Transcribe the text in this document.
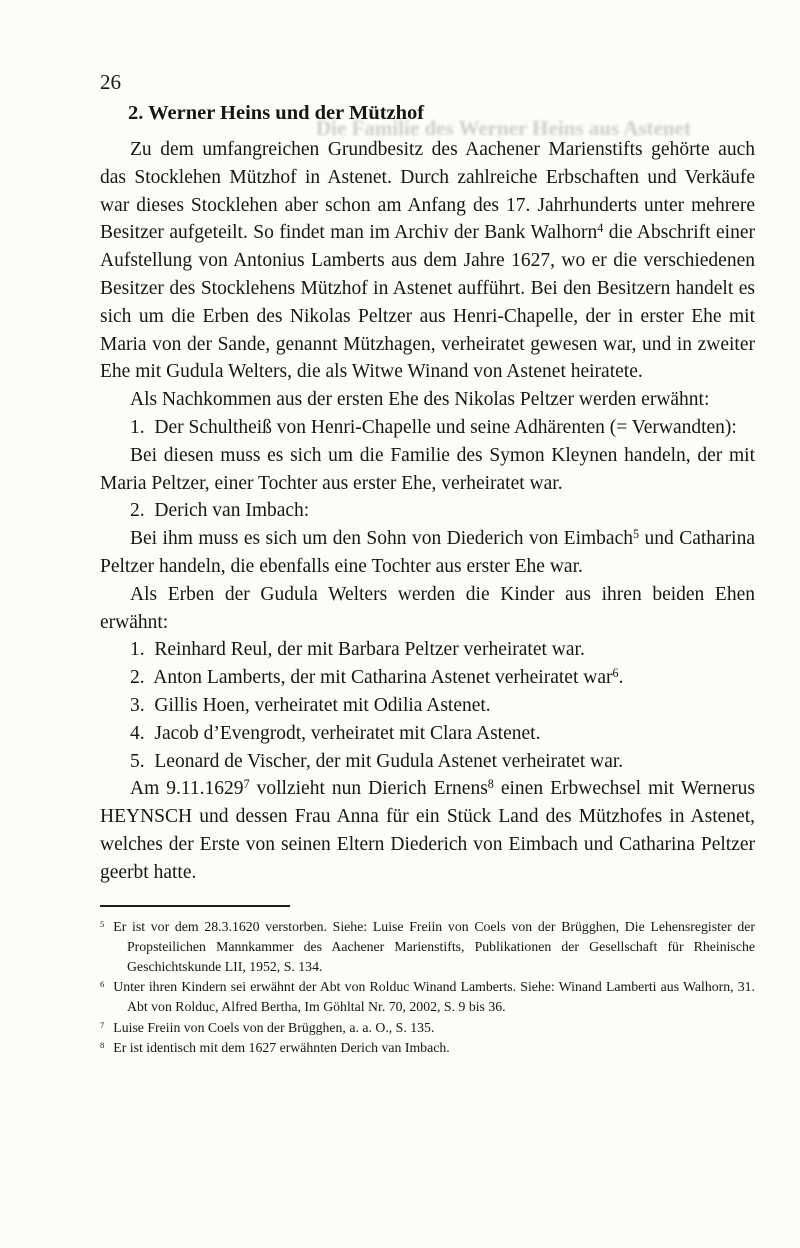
Die Familie des Werner Heins aus Astenet
26
2. Werner Heins und der Mützhof

Zu dem umfangreichen Grundbesitz des Aachener Marienstifts gehörte auch das Stocklehen Mützhof in Astenet. Durch zahlreiche Erbschaften und Verkäufe war dieses Stocklehen aber schon am Anfang des 17. Jahrhunderts unter mehrere Besitzer aufgeteilt. So findet man im Archiv der Bank Walhorn$^4$ die Abschrift einer Aufstellung von Antonius Lamberts aus dem Jahre 1627, wo er die verschiedenen Besitzer des Stocklehens Mützhof in Astenet aufführt. Bei den Besitzern handelt es sich um die Erben des Nikolas Peltzer aus Henri-Chapelle, der in erster Ehe mit Maria von der Sande, genannt Mützhagen, verheiratet gewesen war, und in zweiter Ehe mit Gudula Welters, die als Witwe Winand von Astenet heiratete.

Als Nachkommen aus der ersten Ehe des Nikolas Peltzer werden erwähnt:

1.  Der Schultheiß von Henri-Chapelle und seine Adhärenten (= Verwandten):

Bei diesen muss es sich um die Familie des Symon Kleynen handeln, der mit Maria Peltzer, einer Tochter aus erster Ehe, verheiratet war.

2.  Derich van Imbach:

Bei ihm muss es sich um den Sohn von Diederich von Eimbach$^5$ und Catharina Peltzer handeln, die ebenfalls eine Tochter aus erster Ehe war.

Als Erben der Gudula Welters werden die Kinder aus ihren beiden Ehen erwähnt:

1.  Reinhard Reul, der mit Barbara Peltzer verheiratet war.

2.  Anton Lamberts, der mit Catharina Astenet verheiratet war$^6$.

3.  Gillis Hoen, verheiratet mit Odilia Astenet.

4.  Jacob d’Evengrodt, verheiratet mit Clara Astenet.

5.  Leonard de Vischer, der mit Gudula Astenet verheiratet war.

Am 9.11.1629$^7$ vollzieht nun Dierich Ernens$^8$ einen Erbwechsel mit Wernerus HEYNSCH und dessen Frau Anna für ein Stück Land des Mützhofes in Astenet, welches der Erste von seinen Eltern Diederich von Eimbach und Catharina Peltzer geerbt hatte.

$^5$ Er ist vor dem 28.3.1620 verstorben. Siehe: Luise Freiin von Coels von der Brügghen, Die Lehensregister der Propsteilichen Mannkammer des Aachener Marienstifts, Publikationen der Gesellschaft für Rheinische Geschichtskunde LII, 1952, S. 134.

$^6$ Unter ihren Kindern sei erwähnt der Abt von Rolduc Winand Lamberts. Siehe: Winand Lamberti aus Walhorn, 31. Abt von Rolduc, Alfred Bertha, Im Göhltal Nr. 70, 2002, S. 9 bis 36.

$^7$ Luise Freiin von Coels von der Brügghen, a. a. O., S. 135.

$^8$ Er ist identisch mit dem 1627 erwähnten Derich van Imbach.
